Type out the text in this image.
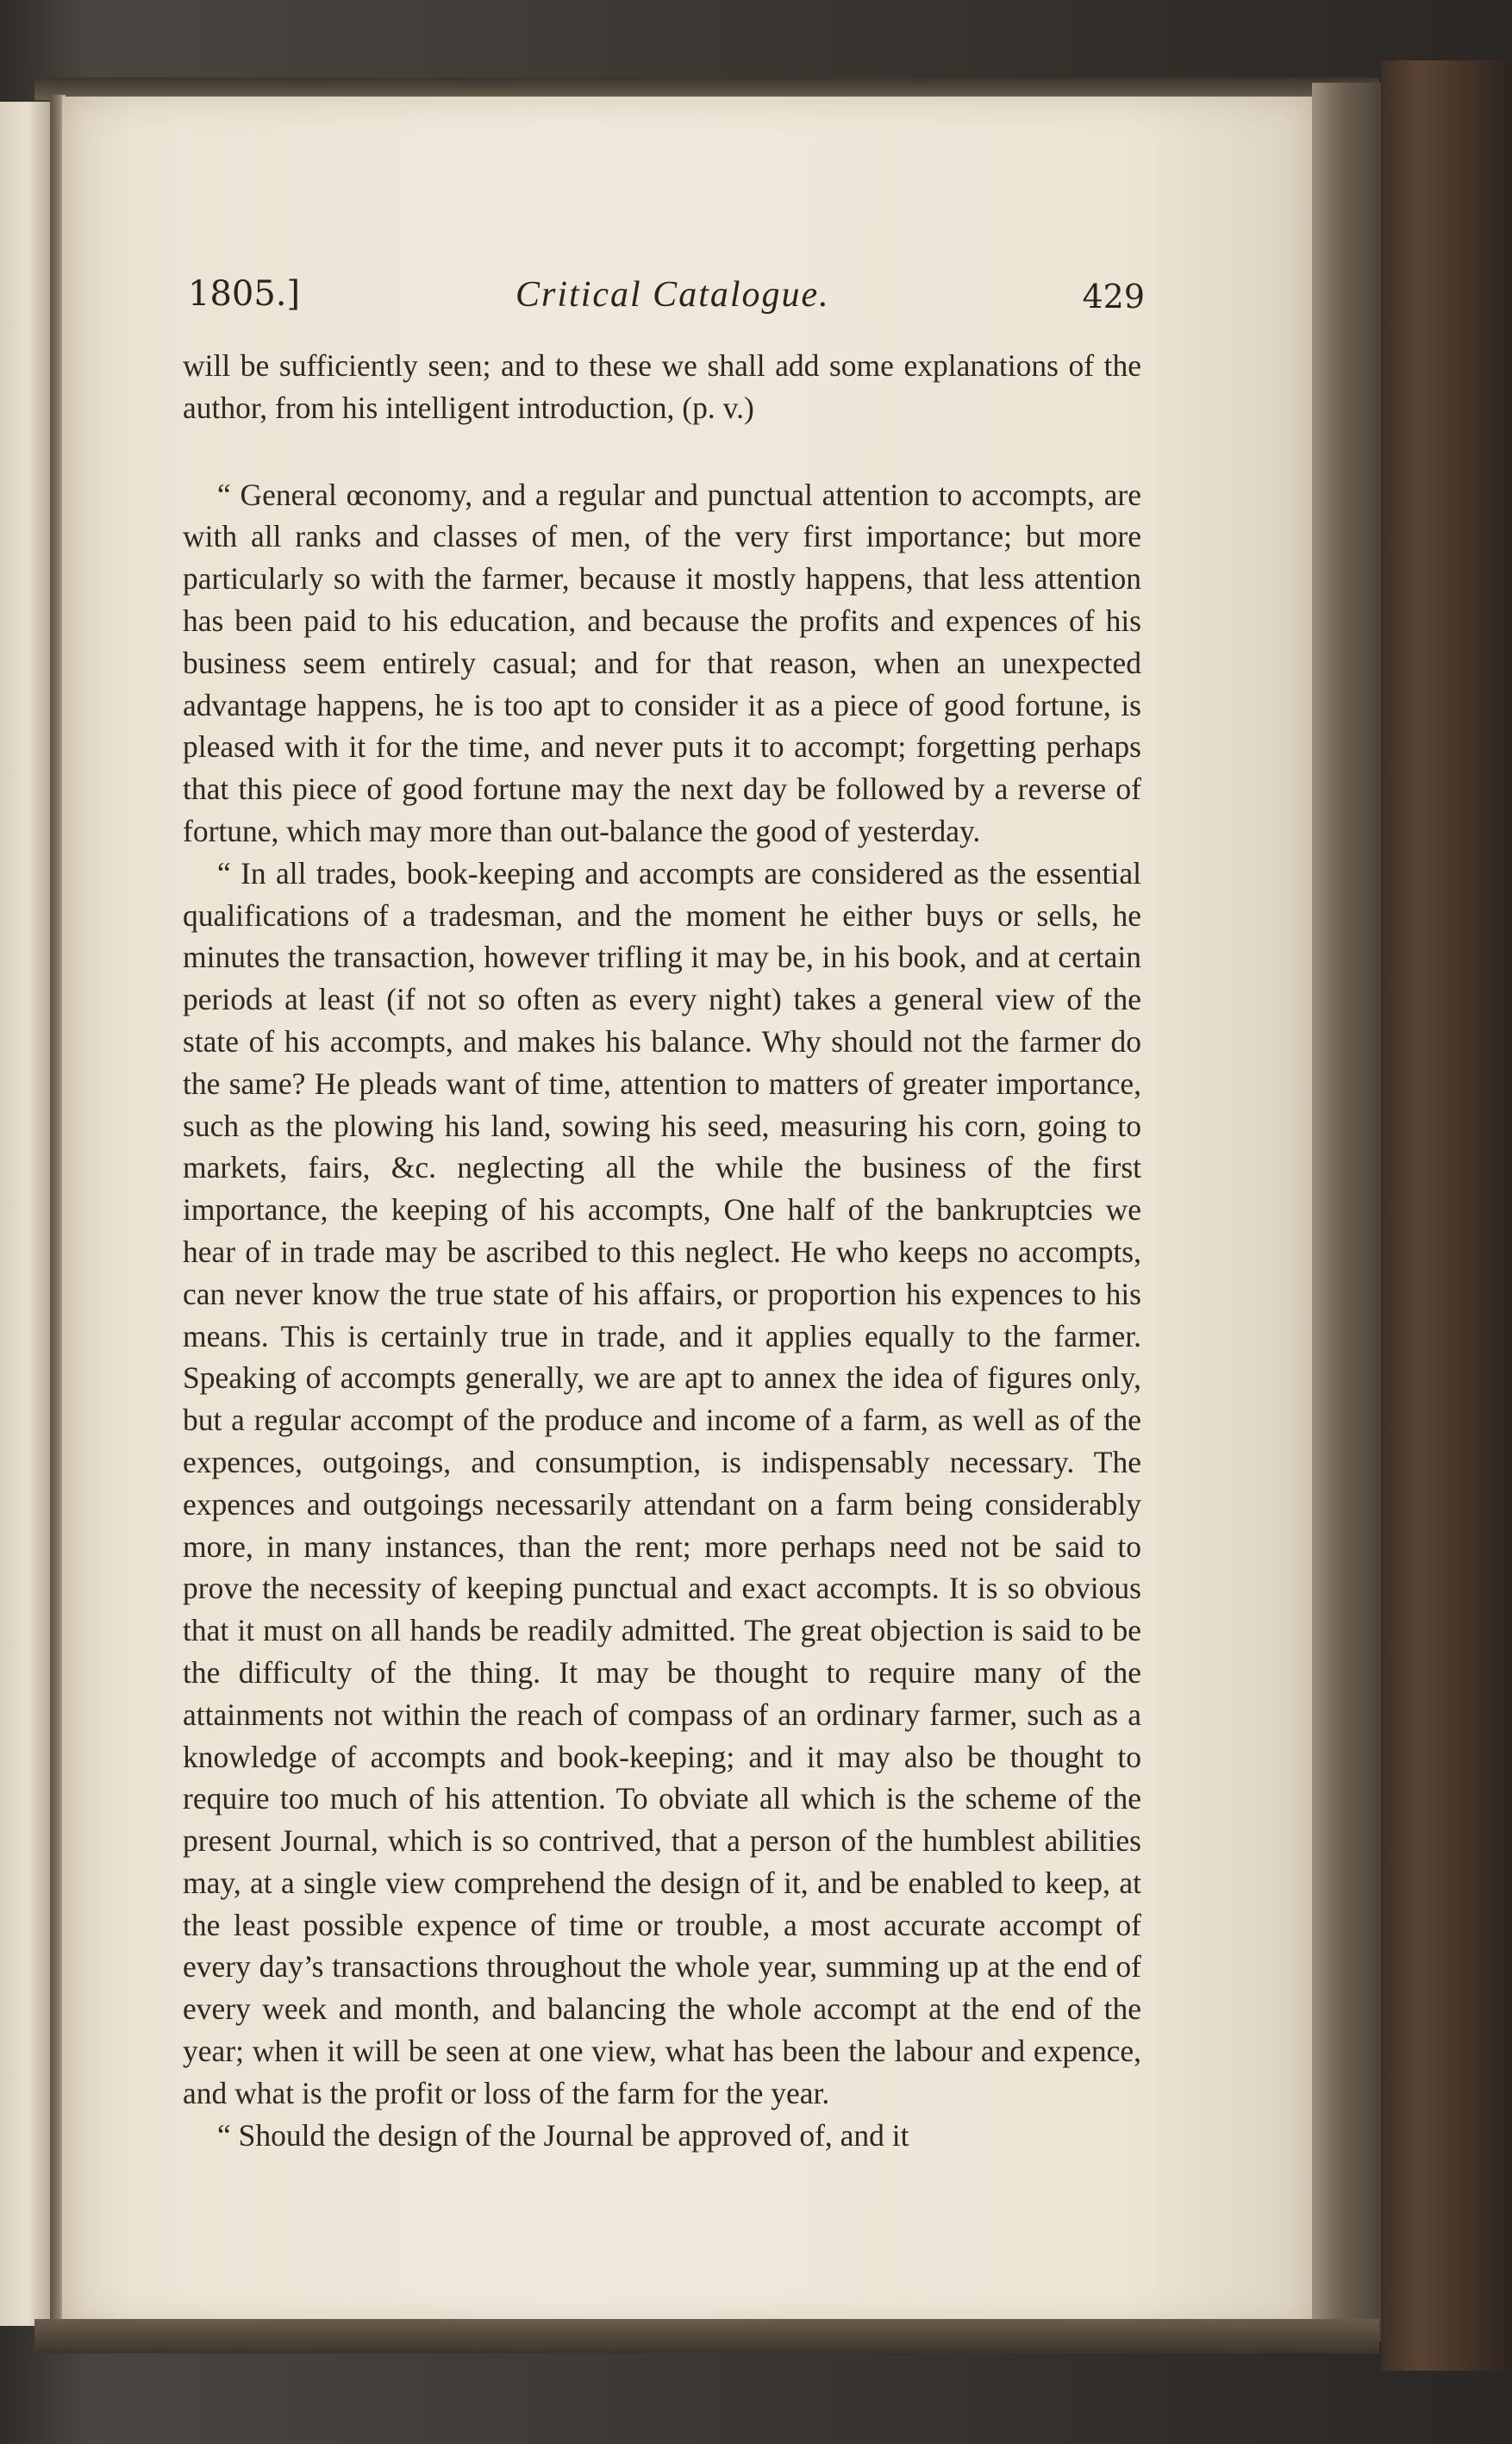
1805.]	Critical Catalogue.	429

will be sufficiently seen; and to these we shall add some explanations of the author, from his intelligent introduction, (p. v.)

“ General œconomy, and a regular and punctual attention to accompts, are with all ranks and classes of men, of the very first importance; but more particularly so with the farmer, because it mostly happens, that less attention has been paid to his education, and because the profits and expences of his business seem entirely casual; and for that reason, when an unexpected advantage happens, he is too apt to consider it as a piece of good fortune, is pleased with it for the time, and never puts it to accompt; forgetting perhaps that this piece of good fortune may the next day be followed by a reverse of fortune, which may more than out-balance the good of yesterday.

“ In all trades, book-keeping and accompts are considered as the essential qualifications of a tradesman, and the moment he either buys or sells, he minutes the transaction, however trifling it may be, in his book, and at certain periods at least (if not so often as every night) takes a general view of the state of his accompts, and makes his balance. Why should not the farmer do the same? He pleads want of time, attention to matters of greater importance, such as the plowing his land, sowing his seed, measuring his corn, going to markets, fairs, &c. neglecting all the while the business of the first importance, the keeping of his accompts, One half of the bankruptcies we hear of in trade may be ascribed to this neglect. He who keeps no accompts, can never know the true state of his affairs, or proportion his expences to his means. This is certainly true in trade, and it applies equally to the farmer. Speaking of accompts generally, we are apt to annex the idea of figures only, but a regular accompt of the produce and income of a farm, as well as of the expences, outgoings, and consumption, is indispensably necessary. The expences and outgoings necessarily attendant on a farm being considerably more, in many instances, than the rent; more perhaps need not be said to prove the necessity of keeping punctual and exact accompts. It is so obvious that it must on all hands be readily admitted. The great objection is said to be the difficulty of the thing. It may be thought to require many of the attainments not within the reach of compass of an ordinary farmer, such as a knowledge of accompts and book-keeping; and it may also be thought to require too much of his attention. To obviate all which is the scheme of the present Journal, which is so contrived, that a person of the humblest abilities may, at a single view comprehend the design of it, and be enabled to keep, at the least possible expence of time or trouble, a most accurate accompt of every day’s transactions throughout the whole year, summing up at the end of every week and month, and balancing the whole accompt at the end of the year; when it will be seen at one view, what has been the labour and expence, and what is the profit or loss of the farm for the year.

“ Should the design of the Journal be approved of, and it
